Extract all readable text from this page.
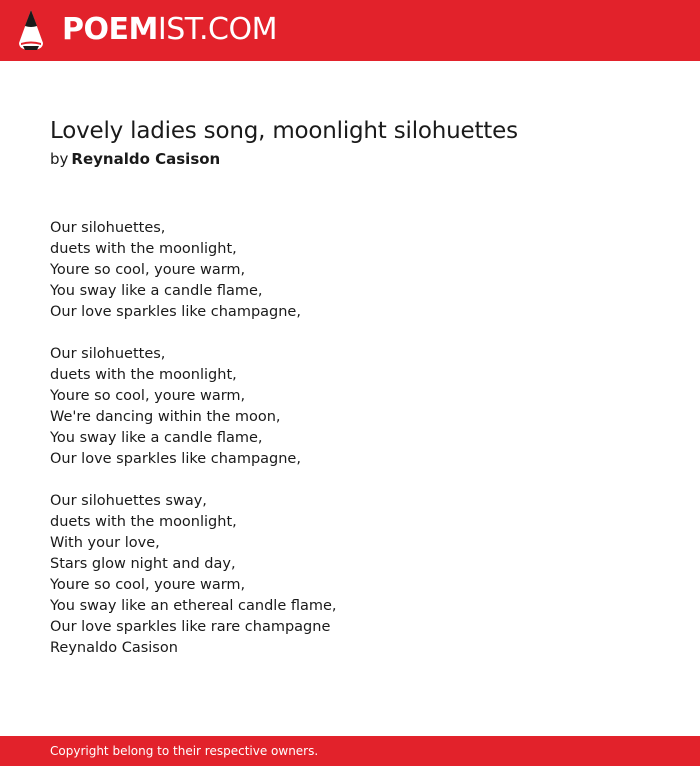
POEMIST.COM
Lovely ladies song, moonlight silohuettes
by Reynaldo Casison
Our silohuettes,
duets with the moonlight,
Youre so cool, youre warm,
You sway like a candle flame,
Our love sparkles like champagne,
Our silohuettes,
duets with the moonlight,
Youre so cool, youre warm,
We're dancing within the moon,
You sway like a candle flame,
Our love sparkles like champagne,
Our silohuettes sway,
duets with the moonlight,
With your love,
Stars glow night and day,
Youre so cool, youre warm,
You sway like an ethereal candle flame,
Our love sparkles like rare champagne
Reynaldo Casison
Copyright belong to their respective owners.
